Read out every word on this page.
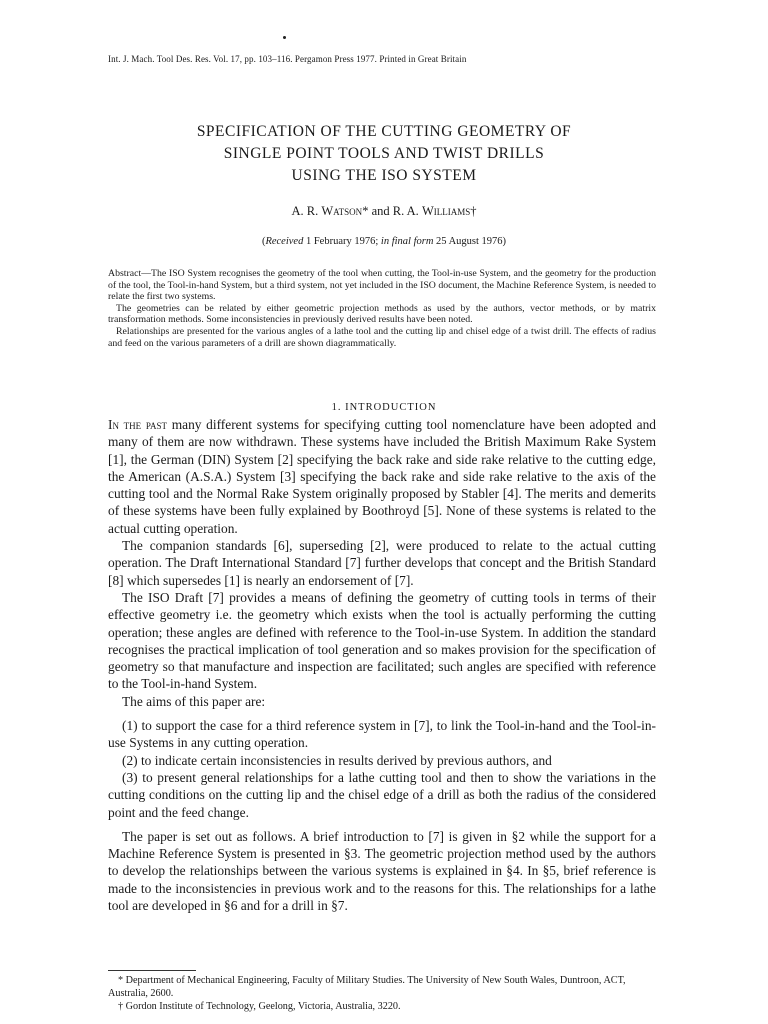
Int. J. Mach. Tool Des. Res. Vol. 17, pp. 103–116. Pergamon Press 1977. Printed in Great Britain
SPECIFICATION OF THE CUTTING GEOMETRY OF
SINGLE POINT TOOLS AND TWIST DRILLS
USING THE ISO SYSTEM
A. R. Watson* and R. A. Williams†
(Received 1 February 1976; in final form 25 August 1976)

Abstract—The ISO System recognises the geometry of the tool when cutting, the Tool-in-use System, and the geometry for the production of the tool, the Tool-in-hand System, but a third system, not yet included in the ISO document, the Machine Reference System, is needed to relate the first two systems.

The geometries can be related by either geometric projection methods as used by the authors, vector methods, or by matrix transformation methods. Some inconsistencies in previously derived results have been noted.

Relationships are presented for the various angles of a lathe tool and the cutting lip and chisel edge of a twist drill. The effects of radius and feed on the various parameters of a drill are shown diagrammatically.

1. INTRODUCTION

In the past many different systems for specifying cutting tool nomenclature have been adopted and many of them are now withdrawn. These systems have included the British Maximum Rake System [1], the German (DIN) System [2] specifying the back rake and side rake relative to the cutting edge, the American (A.S.A.) System [3] specifying the back rake and side rake relative to the axis of the cutting tool and the Normal Rake System originally proposed by Stabler [4]. The merits and demerits of these systems have been fully explained by Boothroyd [5]. None of these systems is related to the actual cutting operation.

The companion standards [6], superseding [2], were produced to relate to the actual cutting operation. The Draft International Standard [7] further develops that concept and the British Standard [8] which supersedes [1] is nearly an endorsement of [7].

The ISO Draft [7] provides a means of defining the geometry of cutting tools in terms of their effective geometry i.e. the geometry which exists when the tool is actually performing the cutting operation; these angles are defined with reference to the Tool-in-use System. In addition the standard recognises the practical implication of tool generation and so makes provision for the specification of geometry so that manufacture and inspection are facilitated; such angles are specified with reference to the Tool-in-hand System.

The aims of this paper are:

(1) to support the case for a third reference system in [7], to link the Tool-in-hand and the Tool-in-use Systems in any cutting operation.

(2) to indicate certain inconsistencies in results derived by previous authors, and

(3) to present general relationships for a lathe cutting tool and then to show the variations in the cutting conditions on the cutting lip and the chisel edge of a drill as both the radius of the considered point and the feed change.

The paper is set out as follows. A brief introduction to [7] is given in §2 while the support for a Machine Reference System is presented in §3. The geometric projection method used by the authors to develop the relationships between the various systems is explained in §4. In §5, brief reference is made to the inconsistencies in previous work and to the reasons for this. The relationships for a lathe tool are developed in §6 and for a drill in §7.

* Department of Mechanical Engineering, Faculty of Military Studies. The University of New South Wales, Duntroon, ACT, Australia, 2600.

† Gordon Institute of Technology, Geelong, Victoria, Australia, 3220.
